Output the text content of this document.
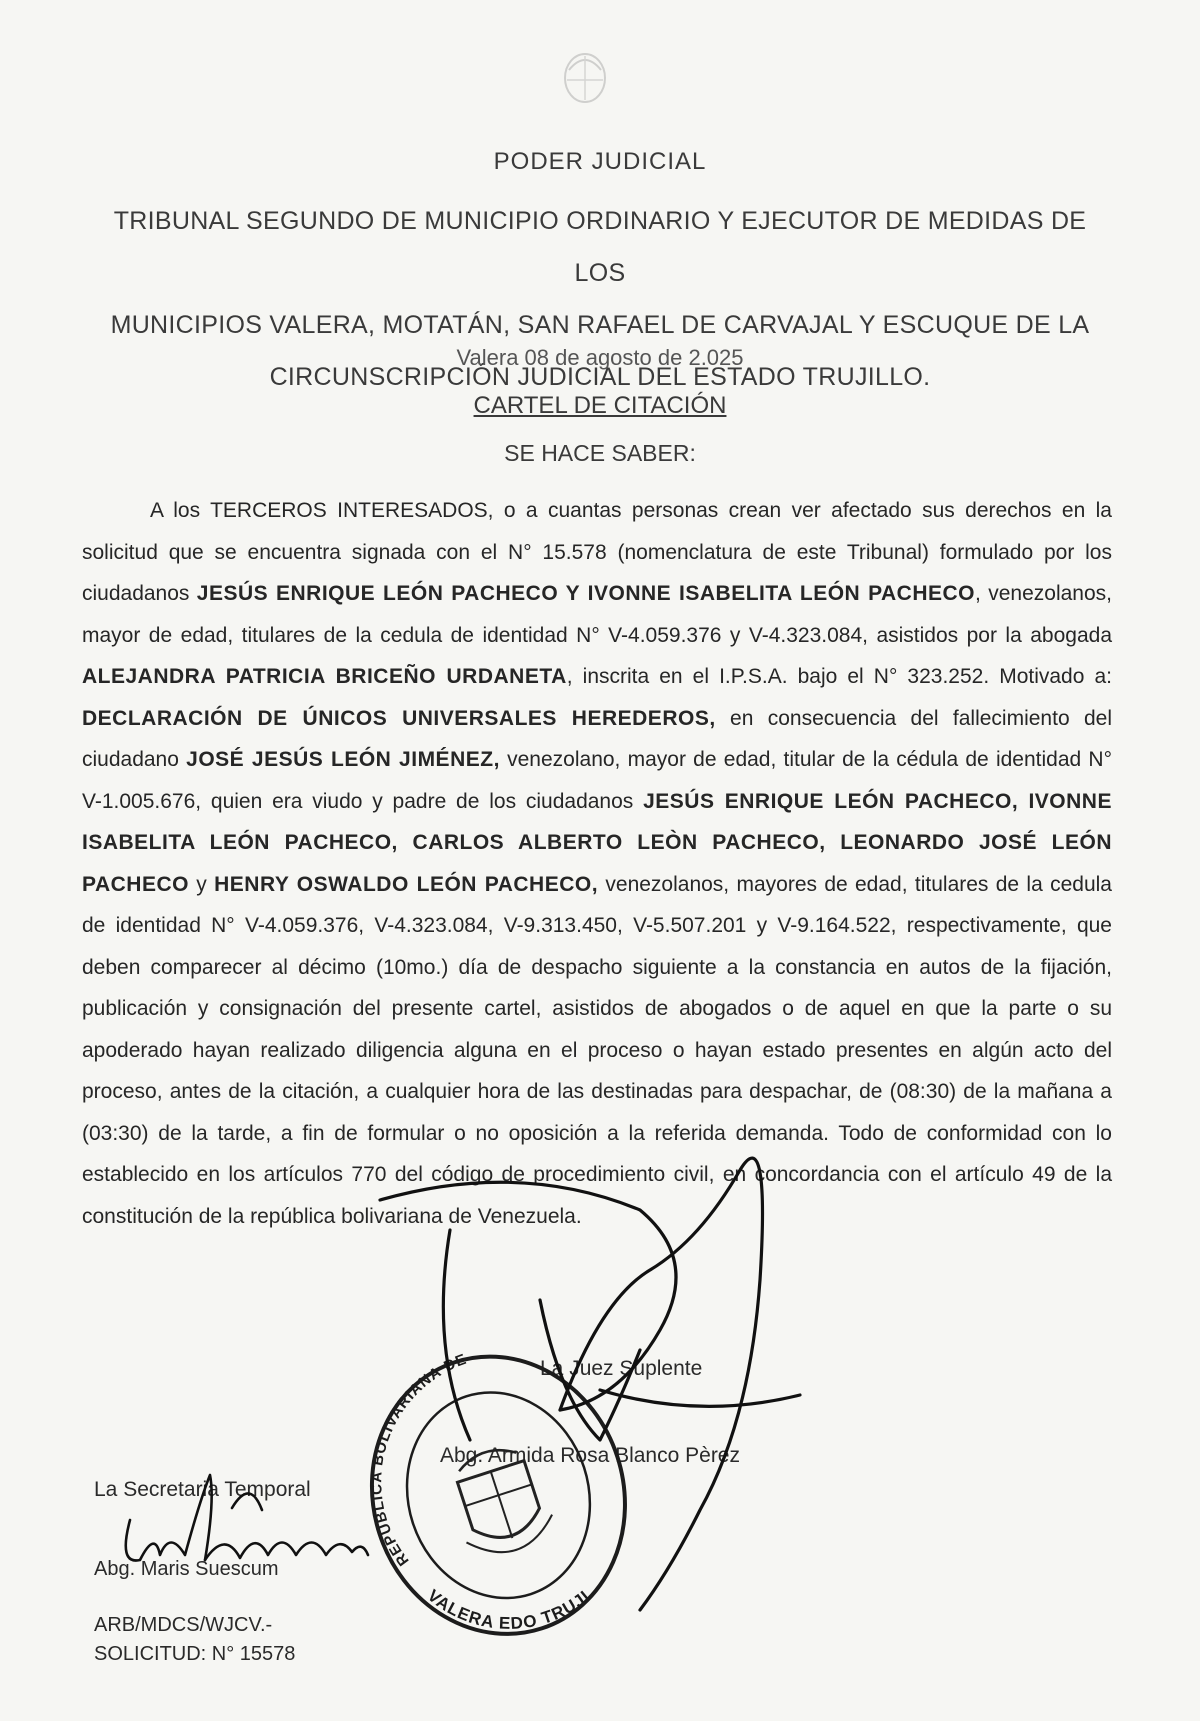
PODER JUDICIAL
TRIBUNAL SEGUNDO DE MUNICIPIO ORDINARIO Y EJECUTOR DE MEDIDAS DE LOS
MUNICIPIOS VALERA, MOTATÁN, SAN RAFAEL DE CARVAJAL Y ESCUQUE DE LA
CIRCUNSCRIPCIÓN JUDICIAL DEL ESTADO TRUJILLO.
Valera 08 de agosto de 2.025
CARTEL DE CITACIÓN
SE HACE SABER:
A los TERCEROS INTERESADOS, o a cuantas personas crean ver afectado sus derechos en la solicitud que se encuentra signada con el N° 15.578 (nomenclatura de este Tribunal) formulado por los ciudadanos JESÚS ENRIQUE LEÓN PACHECO Y IVONNE ISABELITA LEÓN PACHECO, venezolanos, mayor de edad, titulares de la cedula de identidad N° V-4.059.376 y V-4.323.084, asistidos por la abogada ALEJANDRA PATRICIA BRICEÑO URDANETA, inscrita en el I.P.S.A. bajo el N° 323.252. Motivado a: DECLARACIÓN DE ÚNICOS UNIVERSALES HEREDEROS, en consecuencia del fallecimiento del ciudadano JOSÉ JESÚS LEÓN JIMÉNEZ, venezolano, mayor de edad, titular de la cédula de identidad N° V-1.005.676, quien era viudo y padre de los ciudadanos JESÚS ENRIQUE LEÓN PACHECO, IVONNE ISABELITA LEÓN PACHECO, CARLOS ALBERTO LEÒN PACHECO, LEONARDO JOSÉ LEÓN PACHECO y HENRY OSWALDO LEÓN PACHECO, venezolanos, mayores de edad, titulares de la cedula de identidad N° V-4.059.376, V-4.323.084, V-9.313.450, V-5.507.201 y V-9.164.522, respectivamente, que deben comparecer al décimo (10mo.) día de despacho siguiente a la constancia en autos de la fijación, publicación y consignación del presente cartel, asistidos de abogados o de aquel en que la parte o su apoderado hayan realizado diligencia alguna en el proceso o hayan estado presentes en algún acto del proceso, antes de la citación, a cualquier hora de las destinadas para despachar, de (08:30) de la mañana a (03:30) de la tarde, a fin de formular o no oposición a la referida demanda. Todo de conformidad con lo establecido en los artículos 770 del código de procedimiento civil, en concordancia con el artículo 49 de la constitución de la república bolivariana de Venezuela.
La Juez Suplente
Abg. Armida Rosa Blanco Pèrez
La Secretaria Temporal
Abg. Maris Suescum
ARB/MDCS/WJCV.-
SOLICITUD: N° 15578
REPÚBLICA BOLIVARIANA DE
VALERA EDO TRUJILLO
